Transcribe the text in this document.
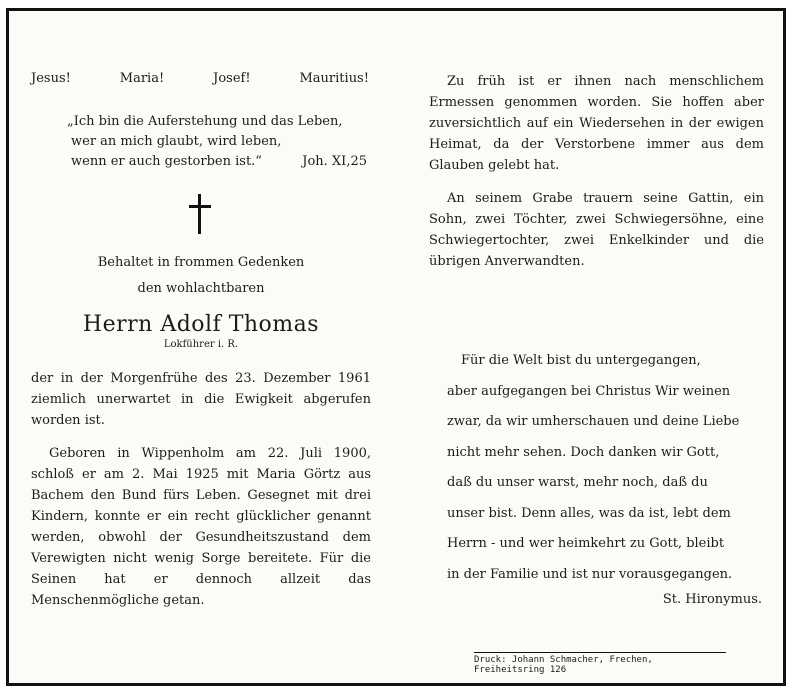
Jesus!	Maria!	Josef!	Mauritius!
„Ich bin die Auferstehung und das Leben,
wer an mich glaubt, wird leben,
wenn er auch gestorben ist.“	Joh. XI,25
Behaltet in frommen Gedenken
den wohlachtbaren
Herrn Adolf Thomas
Lokführer i. R.
der in der Morgenfrühe des 23. Dezember 1961 ziemlich unerwartet in die Ewigkeit abgerufen worden ist.
Geboren in Wippenholm am 22. Juli 1900, schloß er am 2. Mai 1925 mit Maria Görtz aus Bachem den Bund fürs Leben. Gesegnet mit drei Kindern, konnte er ein recht glücklicher genannt werden, obwohl der Gesundheitszustand dem Verewigten nicht wenig Sorge bereitete. Für die Seinen hat er dennoch allzeit das Menschenmögliche getan.
Zu früh ist er ihnen nach menschlichem Ermessen genommen worden. Sie hoffen aber zuversichtlich auf ein Wiedersehen in der ewigen Heimat, da der Verstorbene immer aus dem Glauben gelebt hat.
An seinem Grabe trauern seine Gattin, ein Sohn, zwei Töchter, zwei Schwiegersöhne, eine Schwiegertochter, zwei Enkelkinder und die übrigen Anverwandten.
Für die Welt bist du untergegangen,
aber aufgegangen bei Christus Wir weinen
zwar, da wir umherschauen und deine Liebe
nicht mehr sehen. Doch danken wir Gott,
daß du unser warst, mehr noch, daß du
unser bist. Denn alles, was da ist, lebt dem
Herrn - und wer heimkehrt zu Gott, bleibt
in der Familie und ist nur vorausgegangen.
St. Hironymus.
Druck: Johann Schmacher, Frechen, Freiheitsring 126
